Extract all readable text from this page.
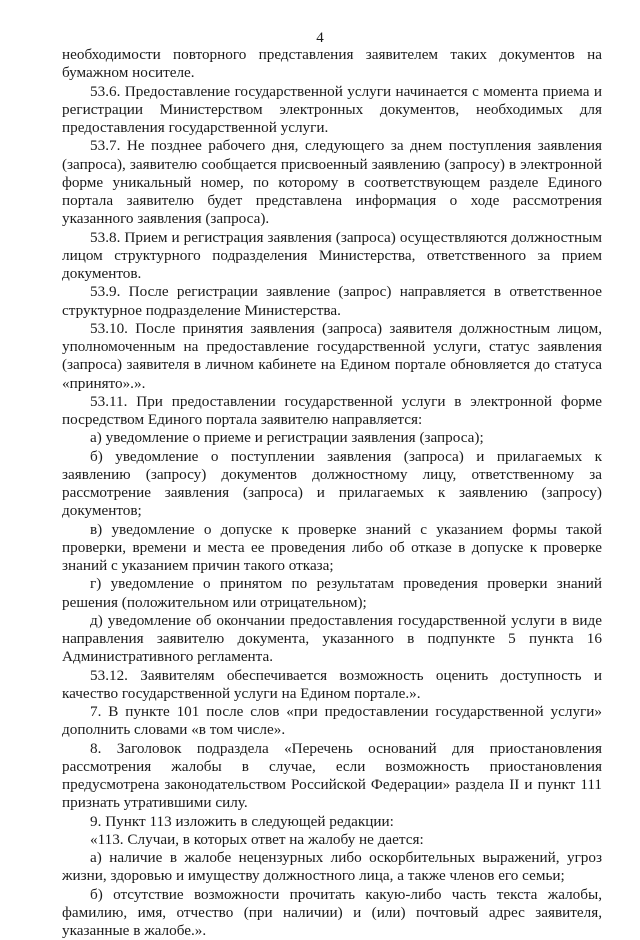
4

необходимости повторного представления заявителем таких документов на бумажном носителе.

53.6. Предоставление государственной услуги начинается с момента приема и регистрации Министерством электронных документов, необходимых для предоставления государственной услуги.

53.7. Не позднее рабочего дня, следующего за днем поступления заявления (запроса), заявителю сообщается присвоенный заявлению (запросу) в электронной форме уникальный номер, по которому в соответствующем разделе Единого портала заявителю будет представлена информация о ходе рассмотрения указанного заявления (запроса).

53.8. Прием и регистрация заявления (запроса) осуществляются должностным лицом структурного подразделения Министерства, ответственного за прием документов.

53.9. После регистрации заявление (запрос) направляется в ответственное структурное подразделение Министерства.

53.10. После принятия заявления (запроса) заявителя должностным лицом, уполномоченным на предоставление государственной услуги, статус заявления (запроса) заявителя в личном кабинете на Едином портале обновляется до статуса «принято».».

53.11. При предоставлении государственной услуги в электронной форме посредством Единого портала заявителю направляется:

а) уведомление о приеме и регистрации заявления (запроса);

б) уведомление о поступлении заявления (запроса) и прилагаемых к заявлению (запросу) документов должностному лицу, ответственному за рассмотрение заявления (запроса) и прилагаемых к заявлению (запросу) документов;

в) уведомление о допуске к проверке знаний с указанием формы такой проверки, времени и места ее проведения либо об отказе в допуске к проверке знаний с указанием причин такого отказа;

г) уведомление о принятом по результатам проведения проверки знаний решения (положительном или отрицательном);

д) уведомление об окончании предоставления государственной услуги в виде направления заявителю документа, указанного в подпункте 5 пункта 16 Административного регламента.

53.12. Заявителям обеспечивается возможность оценить доступность и качество государственной услуги на Едином портале.».

7. В пункте 101 после слов «при предоставлении государственной услуги» дополнить словами «в том числе».

8. Заголовок подраздела «Перечень оснований для приостановления рассмотрения жалобы в случае, если возможность приостановления предусмотрена законодательством Российской Федерации» раздела II и пункт 111 признать утратившими силу.

9. Пункт 113 изложить в следующей редакции:

«113. Случаи, в которых ответ на жалобу не дается:

а) наличие в жалобе нецензурных либо оскорбительных выражений, угроз жизни, здоровью и имуществу должностного лица, а также членов его семьи;

б) отсутствие возможности прочитать какую-либо часть текста жалобы, фамилию, имя, отчество (при наличии) и (или) почтовый адрес заявителя, указанные в жалобе.».
